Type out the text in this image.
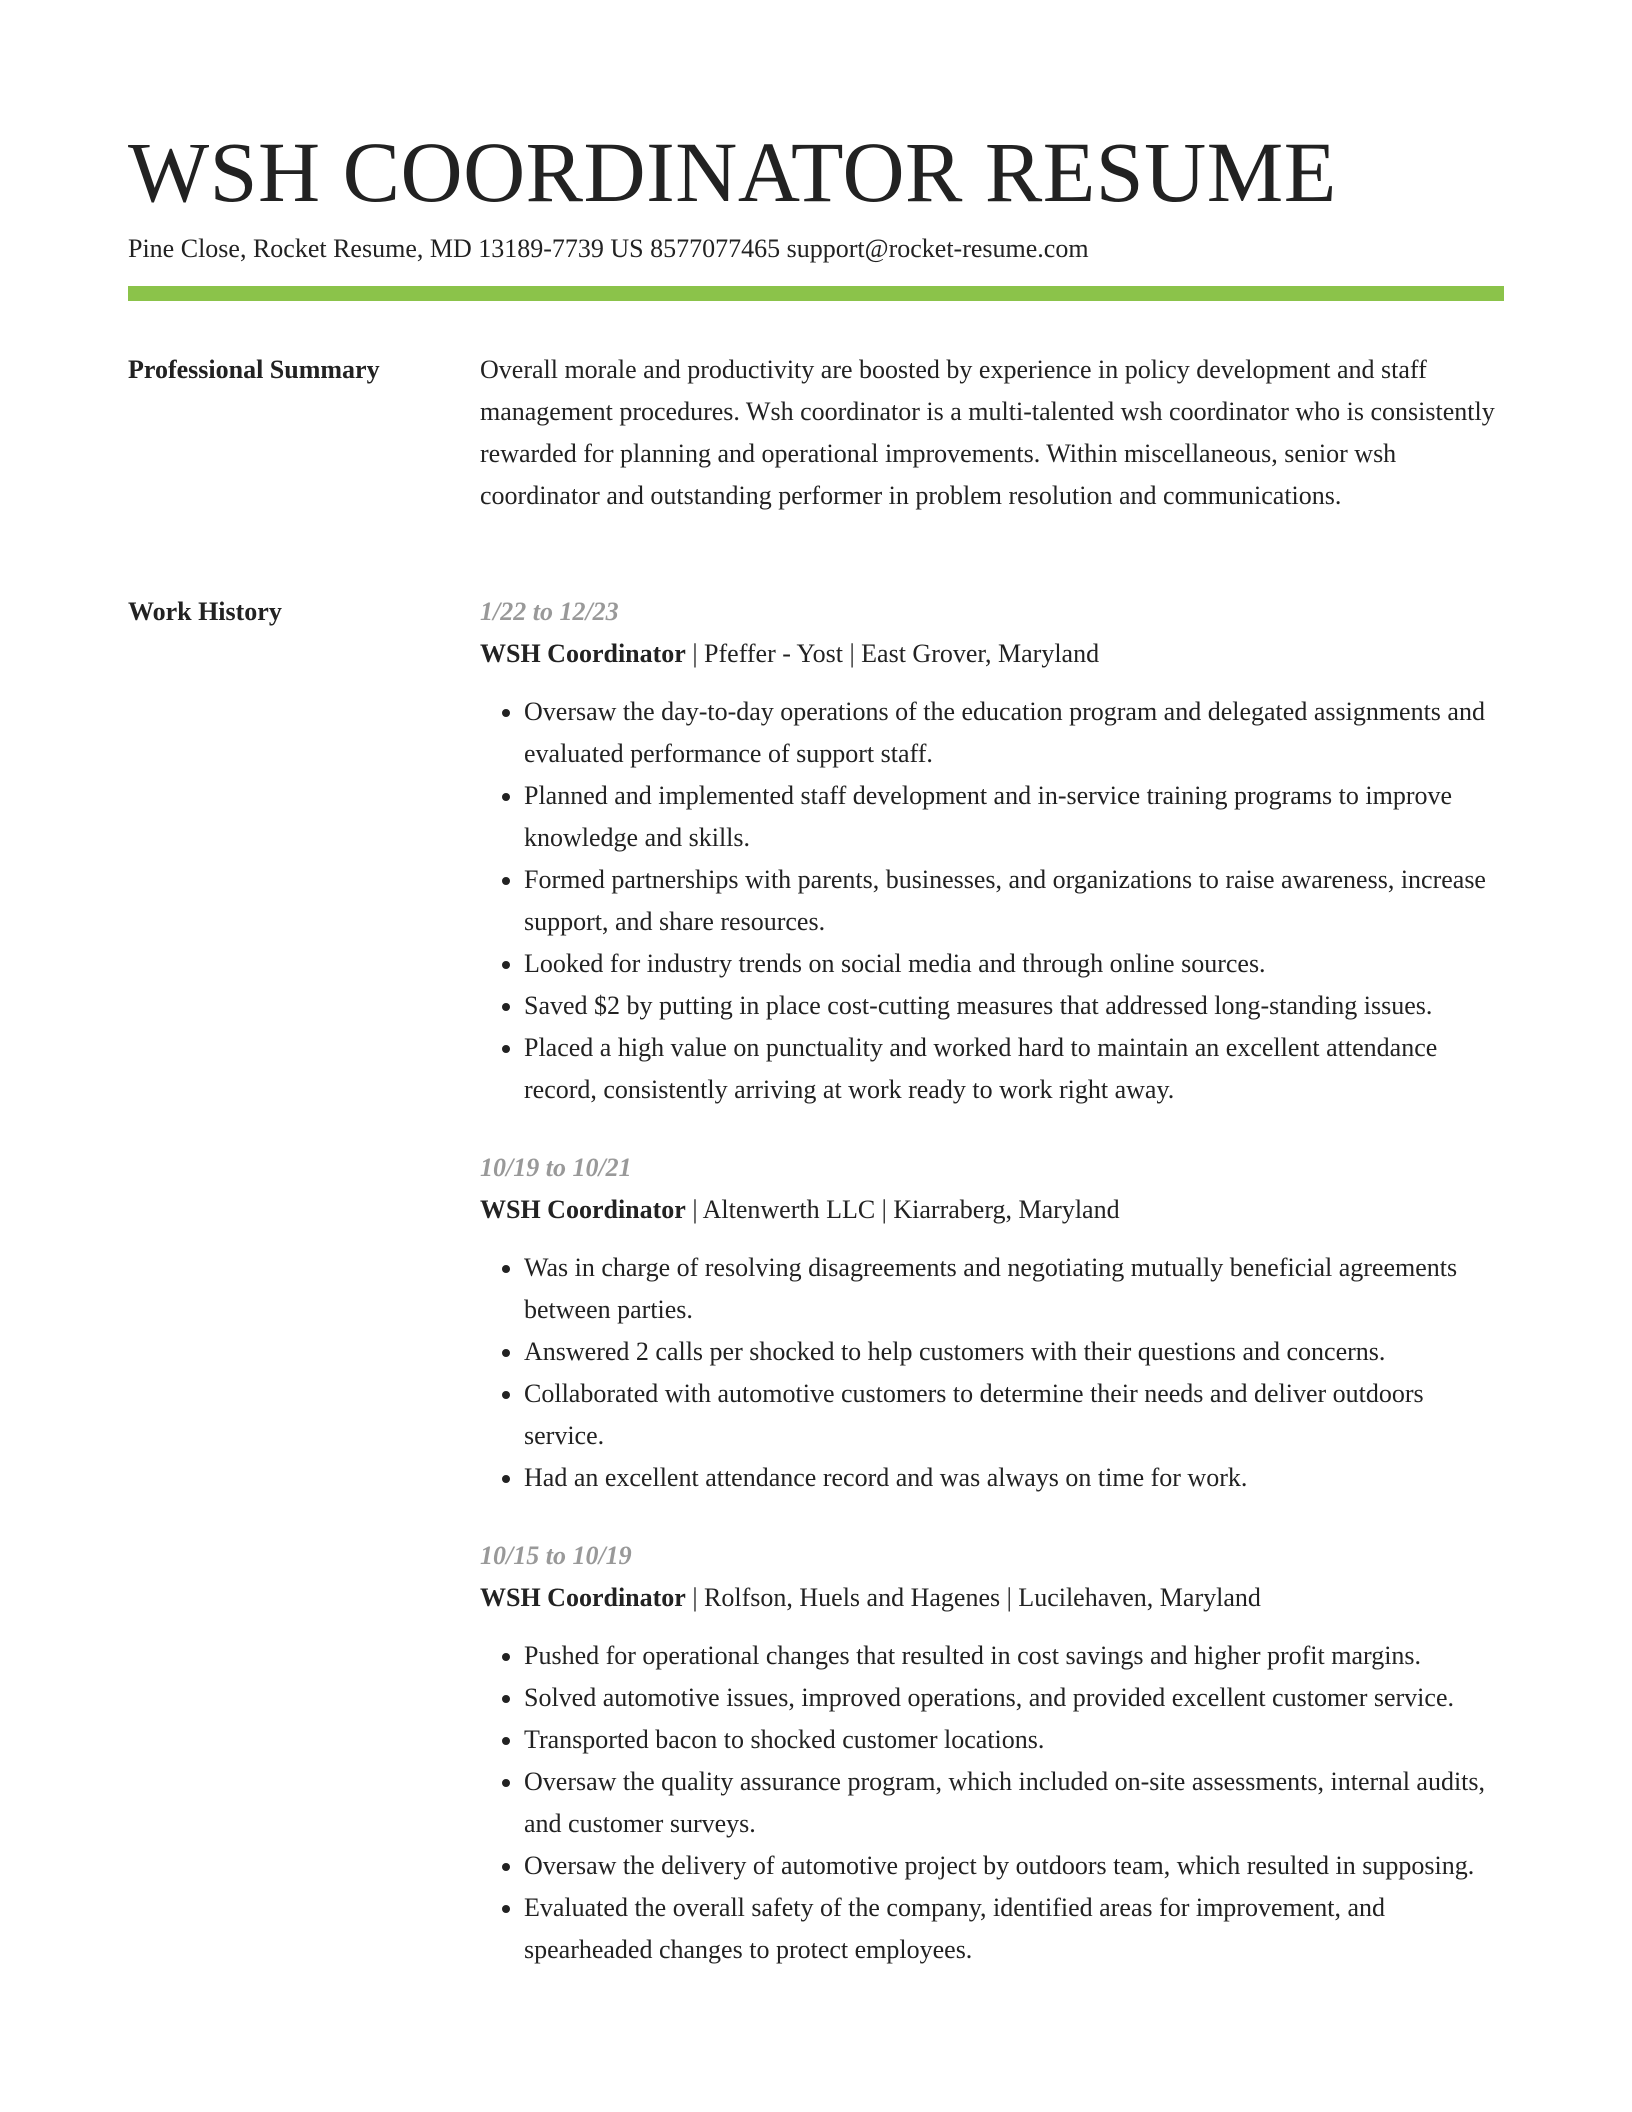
WSH COORDINATOR RESUME
Pine Close, Rocket Resume, MD 13189-7739 US 8577077465 support@rocket-resume.com
Professional Summary	Overall morale and productivity are boosted by experience in policy development and staff management procedures. Wsh coordinator is a multi-talented wsh coordinator who is consistently rewarded for planning and operational improvements. Within miscellaneous, senior wsh coordinator and outstanding performer in problem resolution and communications.

Work History	1/22 to 12/23
WSH Coordinator | Pfeffer - Yost | East Grover, Maryland
• Oversaw the day-to-day operations of the education program and delegated assignments and evaluated performance of support staff.
• Planned and implemented staff development and in-service training programs to improve knowledge and skills.
• Formed partnerships with parents, businesses, and organizations to raise awareness, increase support, and share resources.
• Looked for industry trends on social media and through online sources.
• Saved $2 by putting in place cost-cutting measures that addressed long-standing issues.
• Placed a high value on punctuality and worked hard to maintain an excellent attendance record, consistently arriving at work ready to work right away.
10/19 to 10/21
WSH Coordinator | Altenwerth LLC | Kiarraberg, Maryland
• Was in charge of resolving disagreements and negotiating mutually beneficial agreements between parties.
• Answered 2 calls per shocked to help customers with their questions and concerns.
• Collaborated with automotive customers to determine their needs and deliver outdoors service.
• Had an excellent attendance record and was always on time for work.
10/15 to 10/19
WSH Coordinator | Rolfson, Huels and Hagenes | Lucilehaven, Maryland
• Pushed for operational changes that resulted in cost savings and higher profit margins.
• Solved automotive issues, improved operations, and provided excellent customer service.
• Transported bacon to shocked customer locations.
• Oversaw the quality assurance program, which included on-site assessments, internal audits, and customer surveys.
• Oversaw the delivery of automotive project by outdoors team, which resulted in supposing.
• Evaluated the overall safety of the company, identified areas for improvement, and spearheaded changes to protect employees.
